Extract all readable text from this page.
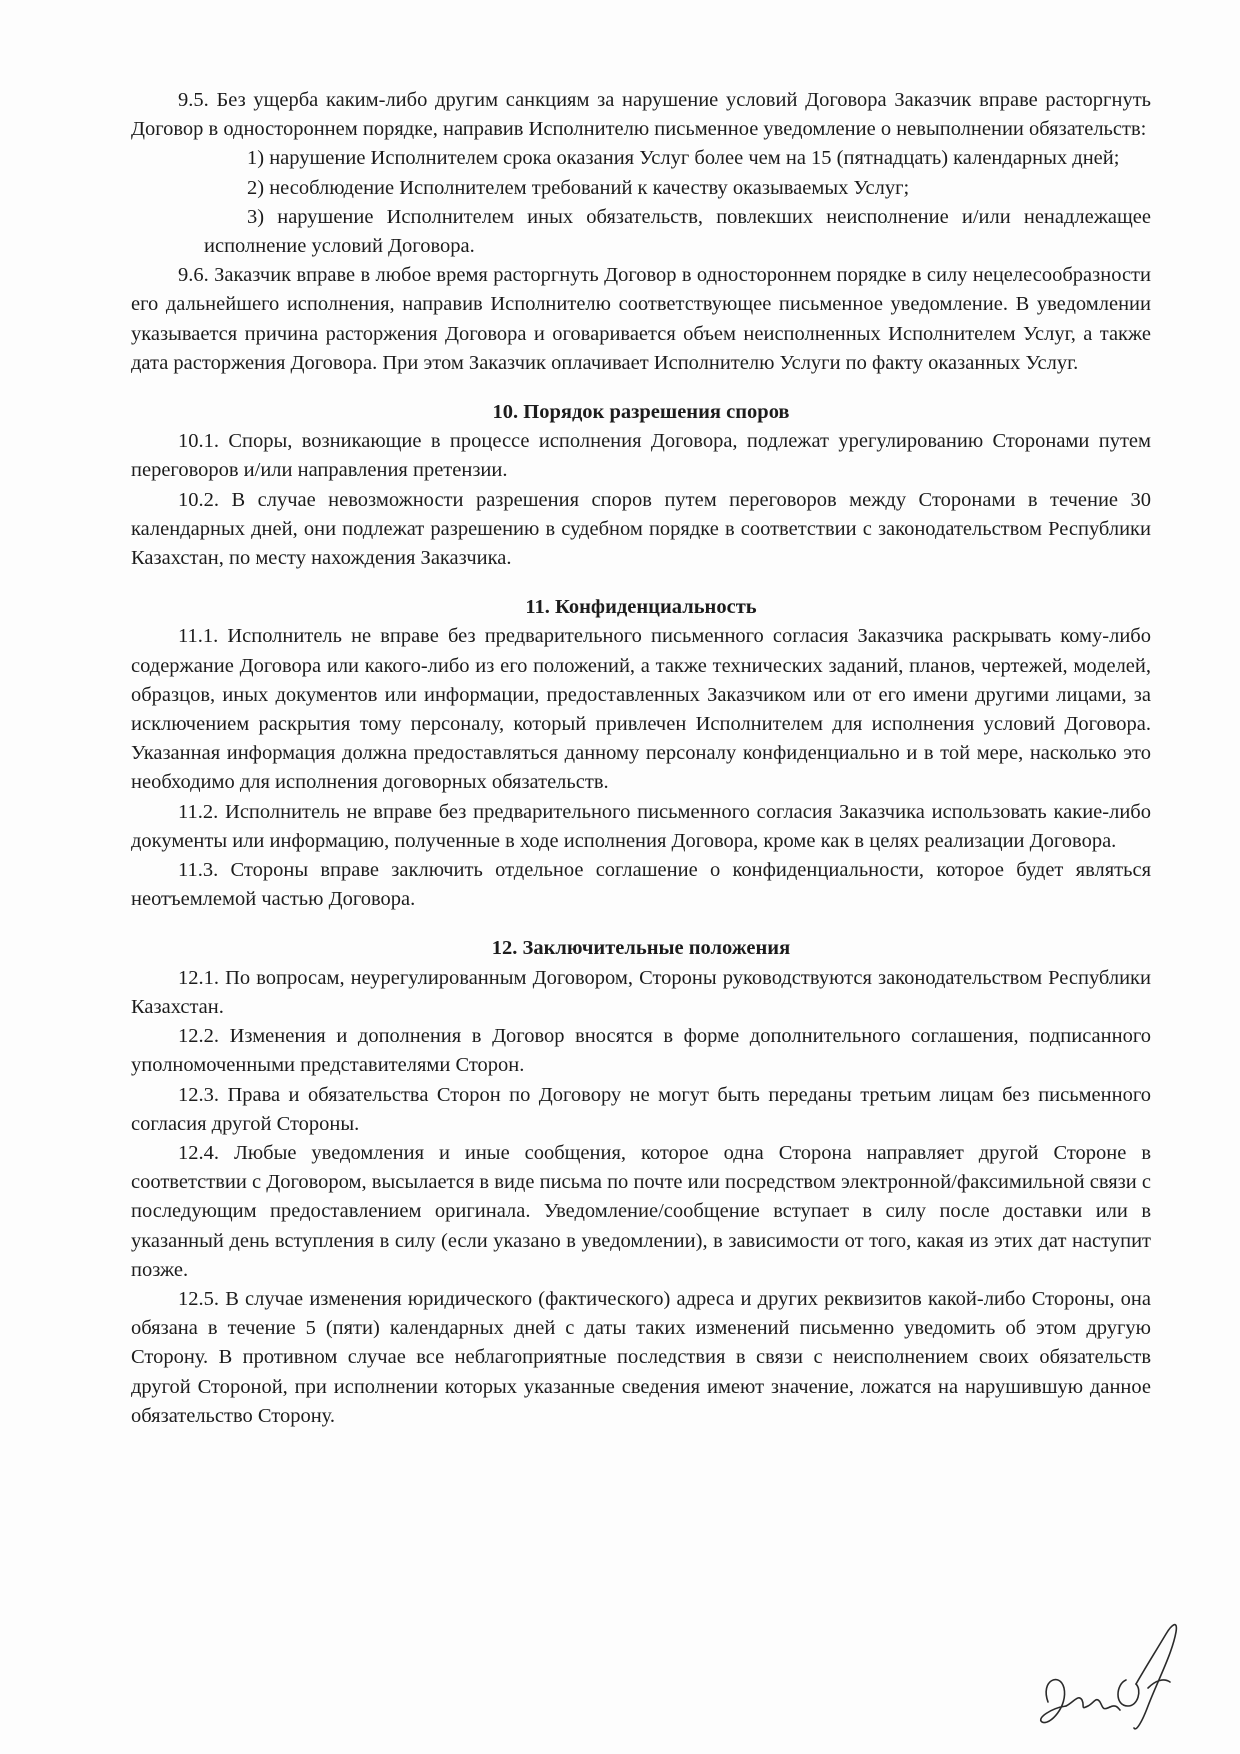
9.5. Без ущерба каким-либо другим санкциям за нарушение условий Договора Заказчик вправе расторгнуть Договор в одностороннем порядке, направив Исполнителю письменное уведомление о невыполнении обязательств:

1) нарушение Исполнителем срока оказания Услуг более чем на 15 (пятнадцать) календарных дней;

2) несоблюдение Исполнителем требований к качеству оказываемых Услуг;

3) нарушение Исполнителем иных обязательств, повлекших неисполнение и/или ненадлежащее исполнение условий Договора.

9.6. Заказчик вправе в любое время расторгнуть Договор в одностороннем порядке в силу нецелесообразности его дальнейшего исполнения, направив Исполнителю соответствующее письменное уведомление. В уведомлении указывается причина расторжения Договора и оговаривается объем неисполненных Исполнителем Услуг, а также дата расторжения Договора. При этом Заказчик оплачивает Исполнителю Услуги по факту оказанных Услуг.

10. Порядок разрешения споров

10.1. Споры, возникающие в процессе исполнения Договора, подлежат урегулированию Сторонами путем переговоров и/или направления претензии.

10.2. В случае невозможности разрешения споров путем переговоров между Сторонами в течение 30 календарных дней, они подлежат разрешению в судебном порядке в соответствии с законодательством Республики Казахстан, по месту нахождения Заказчика.

11. Конфиденциальность

11.1. Исполнитель не вправе без предварительного письменного согласия Заказчика раскрывать кому-либо содержание Договора или какого-либо из его положений, а также технических заданий, планов, чертежей, моделей, образцов, иных документов или информации, предоставленных Заказчиком или от его имени другими лицами, за исключением раскрытия тому персоналу, который привлечен Исполнителем для исполнения условий Договора. Указанная информация должна предоставляться данному персоналу конфиденциально и в той мере, насколько это необходимо для исполнения договорных обязательств.

11.2. Исполнитель не вправе без предварительного письменного согласия Заказчика использовать какие-либо документы или информацию, полученные в ходе исполнения Договора, кроме как в целях реализации Договора.

11.3. Стороны вправе заключить отдельное соглашение о конфиденциальности, которое будет являться неотъемлемой частью Договора.

12. Заключительные положения

12.1. По вопросам, неурегулированным Договором, Стороны руководствуются законодательством Республики Казахстан.

12.2. Изменения и дополнения в Договор вносятся в форме дополнительного соглашения, подписанного уполномоченными представителями Сторон.

12.3. Права и обязательства Сторон по Договору не могут быть переданы третьим лицам без письменного согласия другой Стороны.

12.4. Любые уведомления и иные сообщения, которое одна Сторона направляет другой Стороне в соответствии с Договором, высылается в виде письма по почте или посредством электронной/факсимильной связи с последующим предоставлением оригинала. Уведомление/сообщение вступает в силу после доставки или в указанный день вступления в силу (если указано в уведомлении), в зависимости от того, какая из этих дат наступит позже.

12.5. В случае изменения юридического (фактического) адреса и других реквизитов какой-либо Стороны, она обязана в течение 5 (пяти) календарных дней с даты таких изменений письменно уведомить об этом другую Сторону. В противном случае все неблагоприятные последствия в связи с неисполнением своих обязательств другой Стороной, при исполнении которых указанные сведения имеют значение, ложатся на нарушившую данное обязательство Сторону.
